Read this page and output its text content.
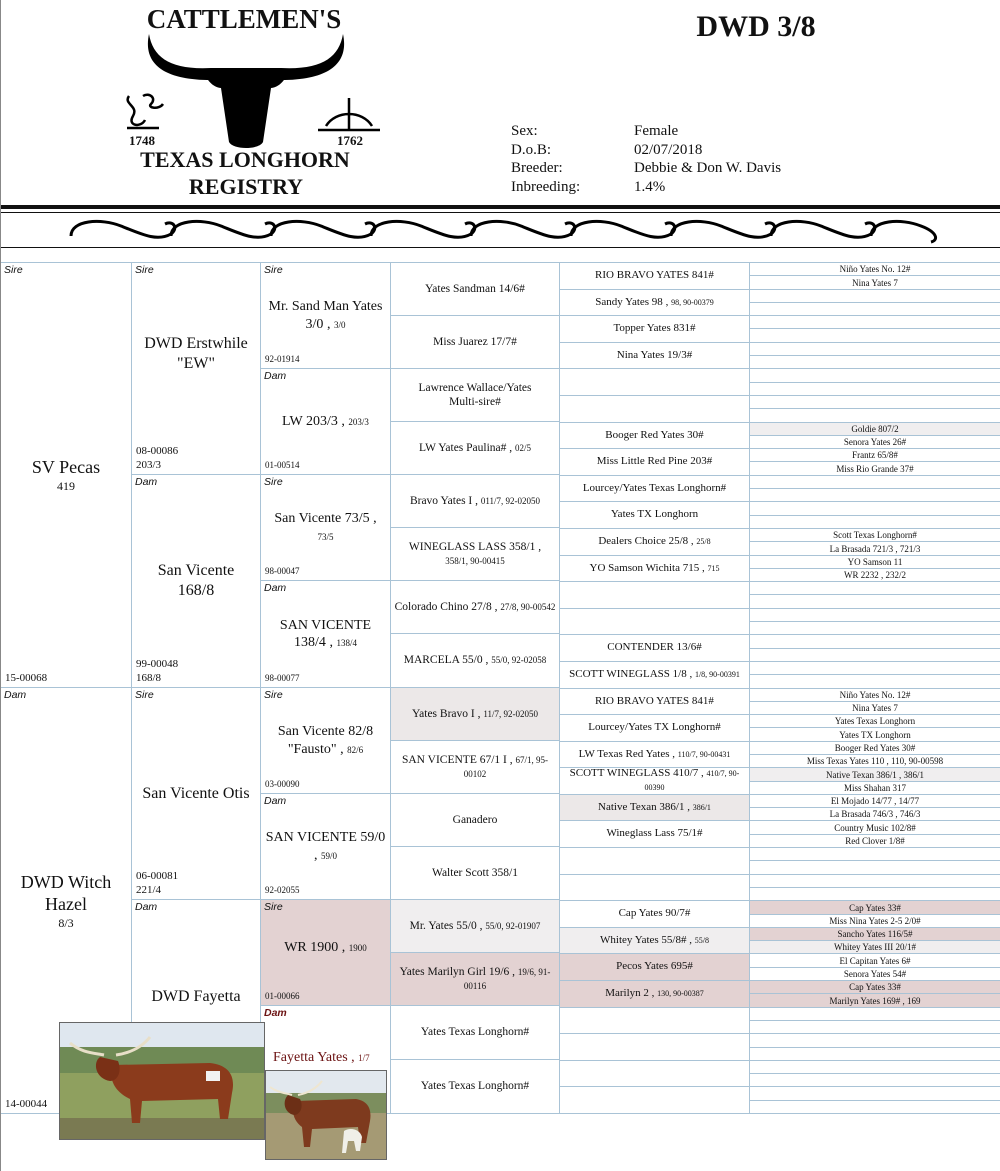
CATTLEMEN'S
1748	1762
TEXAS LONGHORN
REGISTRY
DWD 3/8
Sex:
D.o.B:
Breeder:
Inbreeding:
Female
02/07/2018
Debbie & Don W. Davis
1.4%
Sire
SV Pecas
419
15-00068
Dam
DWD Witch Hazel
8/3
14-00044
Sire
DWD Erstwhile "EW"
08-00086
203/3
Dam
San Vicente 168/8
99-00048
168/8
Sire
San Vicente Otis
06-00081
221/4
Dam
DWD Fayetta
Sire
Mr. Sand Man Yates 3/0 , 3/0
92-01914
Dam
LW 203/3 , 203/3
01-00514
Sire
San Vicente 73/5 ,
73/5
98-00047
Dam
SAN VICENTE 138/4 , 138/4
98-00077
Sire
San Vicente 82/8 "Fausto" , 82/6
03-00090
Dam
SAN VICENTE 59/0
, 59/0
92-02055
Sire
WR 1900 , 1900
01-00066
Dam
Fayetta Yates , 1/7
Yates Sandman 14/6#
Miss Juarez 17/7#
Lawrence Wallace/Yates Multi-sire#
LW Yates Paulina# , 02/5
Bravo Yates I , 011/7, 92-02050
WINEGLASS LASS 358/1 ,
358/1, 90-00415
Colorado Chino 27/8 , 27/8, 90-00542
MARCELA 55/0 , 55/0, 92-02058
Yates Bravo I , 11/7, 92-02050
SAN VICENTE 67/1 I , 67/1, 95-00102
Ganadero
Walter Scott 358/1
Mr. Yates 55/0 , 55/0, 92-01907
Yates Marilyn Girl 19/6 , 19/6, 91-00116
Yates Texas Longhorn#
Yates Texas Longhorn#
RIO BRAVO YATES 841#
Sandy Yates 98 , 98, 90-00379
Topper Yates 831#
Nina Yates 19/3#
Booger Red Yates 30#
Miss Little Red Pine 203#
Lourcey/Yates Texas Longhorn#
Yates TX Longhorn
Dealers Choice 25/8 , 25/8
YO Samson Wichita 715 , 715
CONTENDER 13/6#
SCOTT WINEGLASS 1/8 , 1/8, 90-00391
RIO BRAVO YATES 841#
Lourcey/Yates TX Longhorn#
LW Texas Red Yates , 110/7, 90-00431
SCOTT WINEGLASS 410/7 , 410/7, 90-00390
Native Texan 386/1 , 386/1
Wineglass Lass 75/1#
Cap Yates 90/7#
Whitey Yates 55/8# , 55/8
Pecos Yates 695#
Marilyn 2 , 130, 90-00387
Niño Yates No. 12#
Nina Yates 7
Goldie 807/2
Senora Yates 26#
Frantz 65/8#
Miss Rio Grande 37#
Scott Texas Longhorn#
La Brasada 721/3 , 721/3
YO Samson 11
WR 2232 , 232/2
Niño Yates No. 12#
Nina Yates 7
Yates Texas Longhorn
Yates TX Longhorn
Booger Red Yates 30#
Miss Texas Yates 110 , 110, 90-00598
Native Texan 386/1 , 386/1
Miss Shahan 317
El Mojado 14/77 , 14/77
La Brasada 746/3 , 746/3
Country Music 102/8#
Red Clover 1/8#
Cap Yates 33#
Miss Nina Yates 2-5 2/0#
Sancho Yates 116/5#
Whitey Yates III 20/1#
El Capitan Yates 6#
Senora Yates 54#
Cap Yates 33#
Marilyn Yates 169# , 169
